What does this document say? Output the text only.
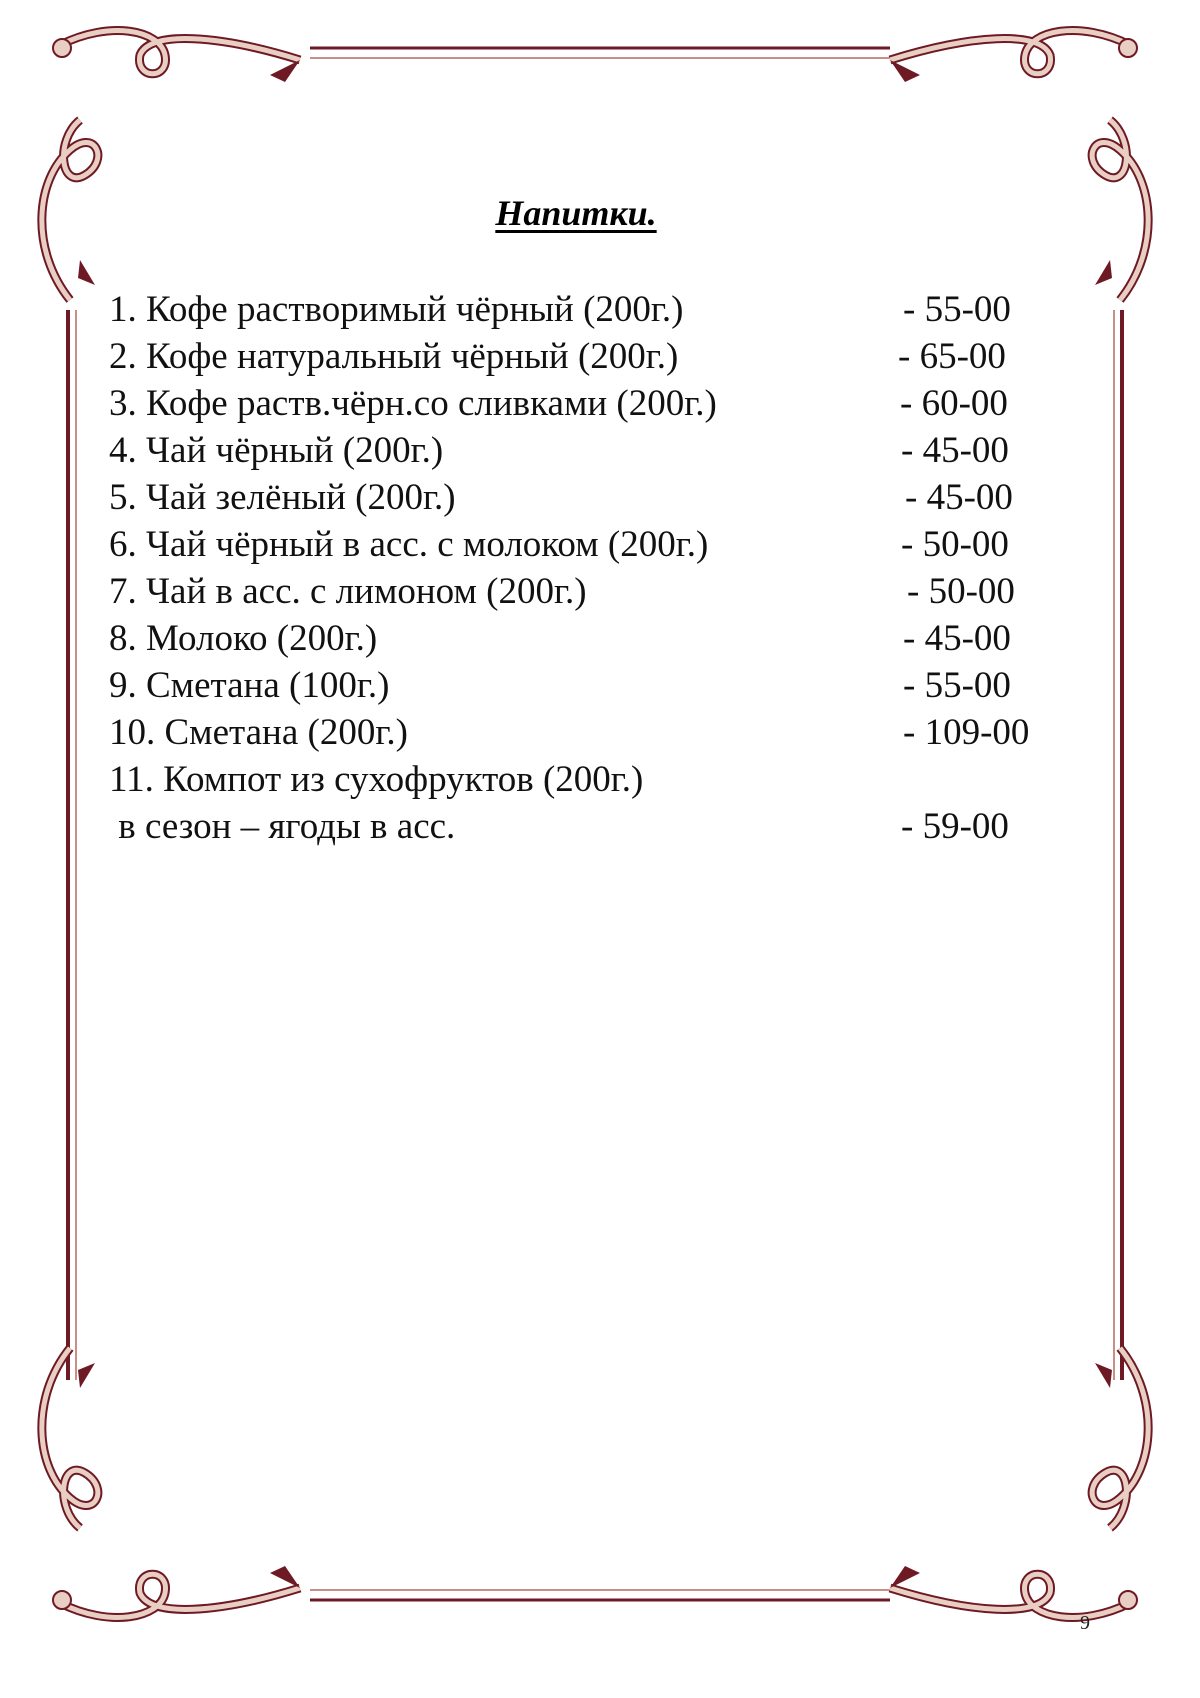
Напитки.
1. Кофе растворимый чёрный (200г.)	- 55-00
2. Кофе натуральный чёрный (200г.)	- 65-00
3. Кофе раств.чёрн.со сливками (200г.)	- 60-00
4. Чай чёрный (200г.)	- 45-00
5. Чай зелёный (200г.)	- 45-00
6. Чай чёрный в асс. с молоком (200г.)	- 50-00
7. Чай в асс. с лимоном (200г.)	- 50-00
8. Молоко (200г.)	- 45-00
9. Сметана (100г.)	- 55-00
10. Сметана (200г.)	- 109-00
11. Компот из сухофруктов (200г.)
в сезон – ягоды в асс.	- 59-00
9
